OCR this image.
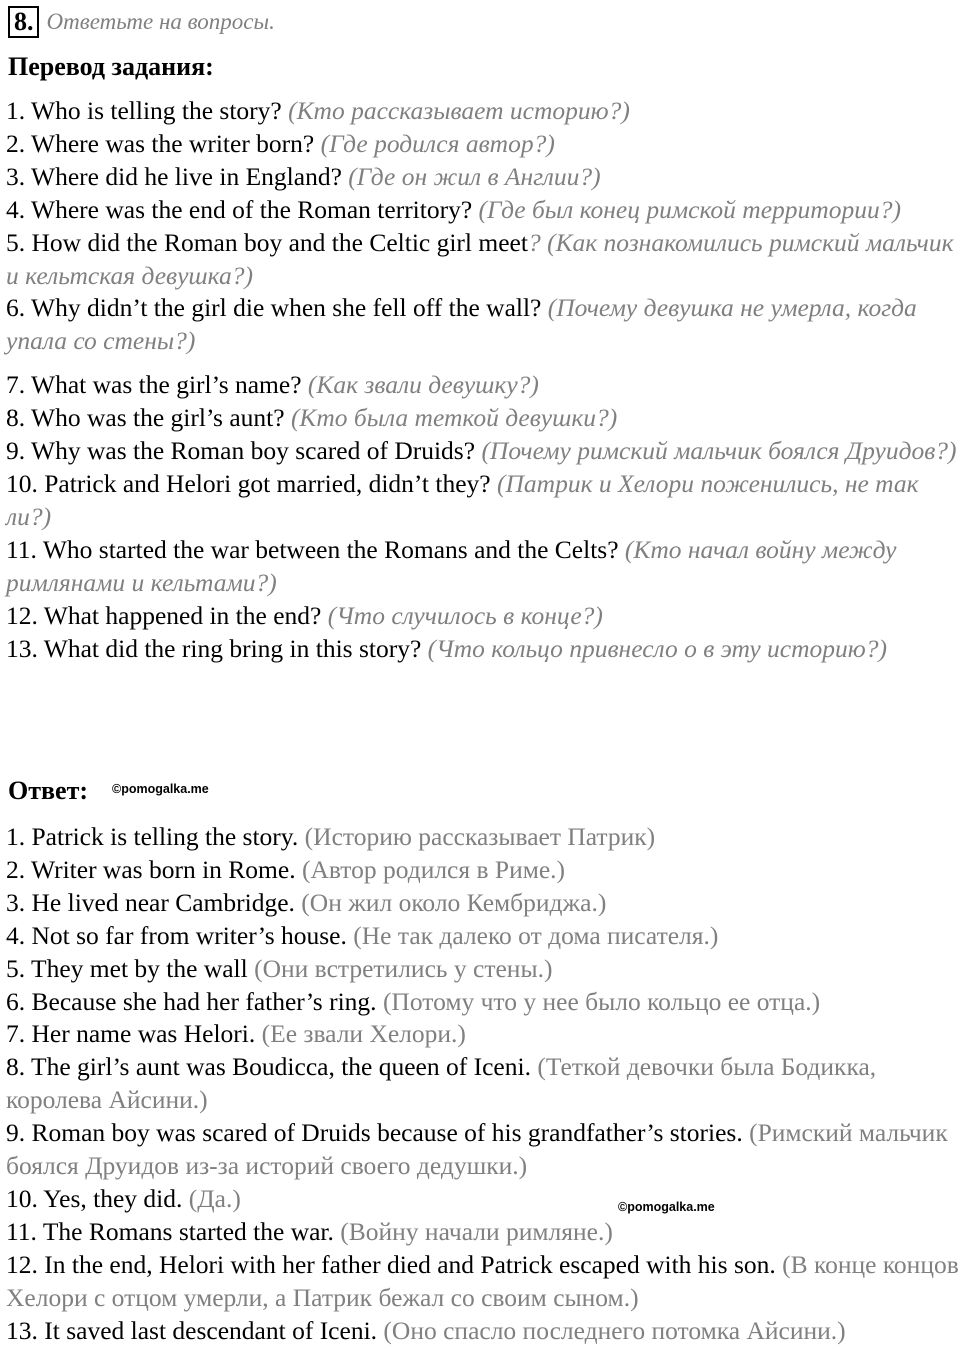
8. Ответьте на вопросы.
Перевод задания:
1. Who is telling the story? (Кто рассказывает историю?)
2. Where was the writer born? (Где родился автор?)
3. Where did he live in England? (Где он жил в Англии?)
4. Where was the end of the Roman territory? (Где был конец римской территории?)
5. How did the Roman boy and the Celtic girl meet? (Как познакомились римский мальчик и кельтская девушка?)
6. Why didn’t the girl die when she fell off the wall? (Почему девушка не умерла, когда упала со стены?)
7. What was the girl’s name? (Как звали девушку?)
8. Who was the girl’s aunt? (Кто была теткой девушки?)
9. Why was the Roman boy scared of Druids? (Почему римский мальчик боялся Друидов?)
10. Patrick and Helori got married, didn’t they? (Патрик и Хелори поженились, не так ли?)
11. Who started the war between the Romans and the Celts? (Кто начал войну между римлянами и кельтами?)
12. What happened in the end? (Что случилось в конце?)
13. What did the ring bring in this story? (Что кольцо привнесло о в эту историю?)
Ответ: ©pomogalka.me
1. Patrick is telling the story. (Историю рассказывает Патрик)
2. Writer was born in Rome. (Автор родился в Риме.)
3. He lived near Cambridge. (Он жил около Кембриджа.)
4. Not so far from writer’s house. (Не так далеко от дома писателя.)
5. They met by the wall (Они встретились у стены.)
6. Because she had her father’s ring. (Потому что у нее было кольцо ее отца.)
7. Her name was Helori. (Ее звали Хелори.)
8. The girl’s aunt was Boudicca, the queen of Iceni. (Теткой девочки была Бодикка, королева Айсини.)
9. Roman boy was scared of Druids because of his grandfather’s stories. (Римский мальчик боялся Друидов из-за историй своего дедушки.)
10. Yes, they did. (Да.)
11. The Romans started the war. (Войну начали римляне.)
12. In the end, Helori with her father died and Patrick escaped with his son. (В конце концов Хелори с отцом умерли, а Патрик бежал со своим сыном.)
13. It saved last descendant of Iceni. (Оно спасло последнего потомка Айсини.)
©pomogalka.me
